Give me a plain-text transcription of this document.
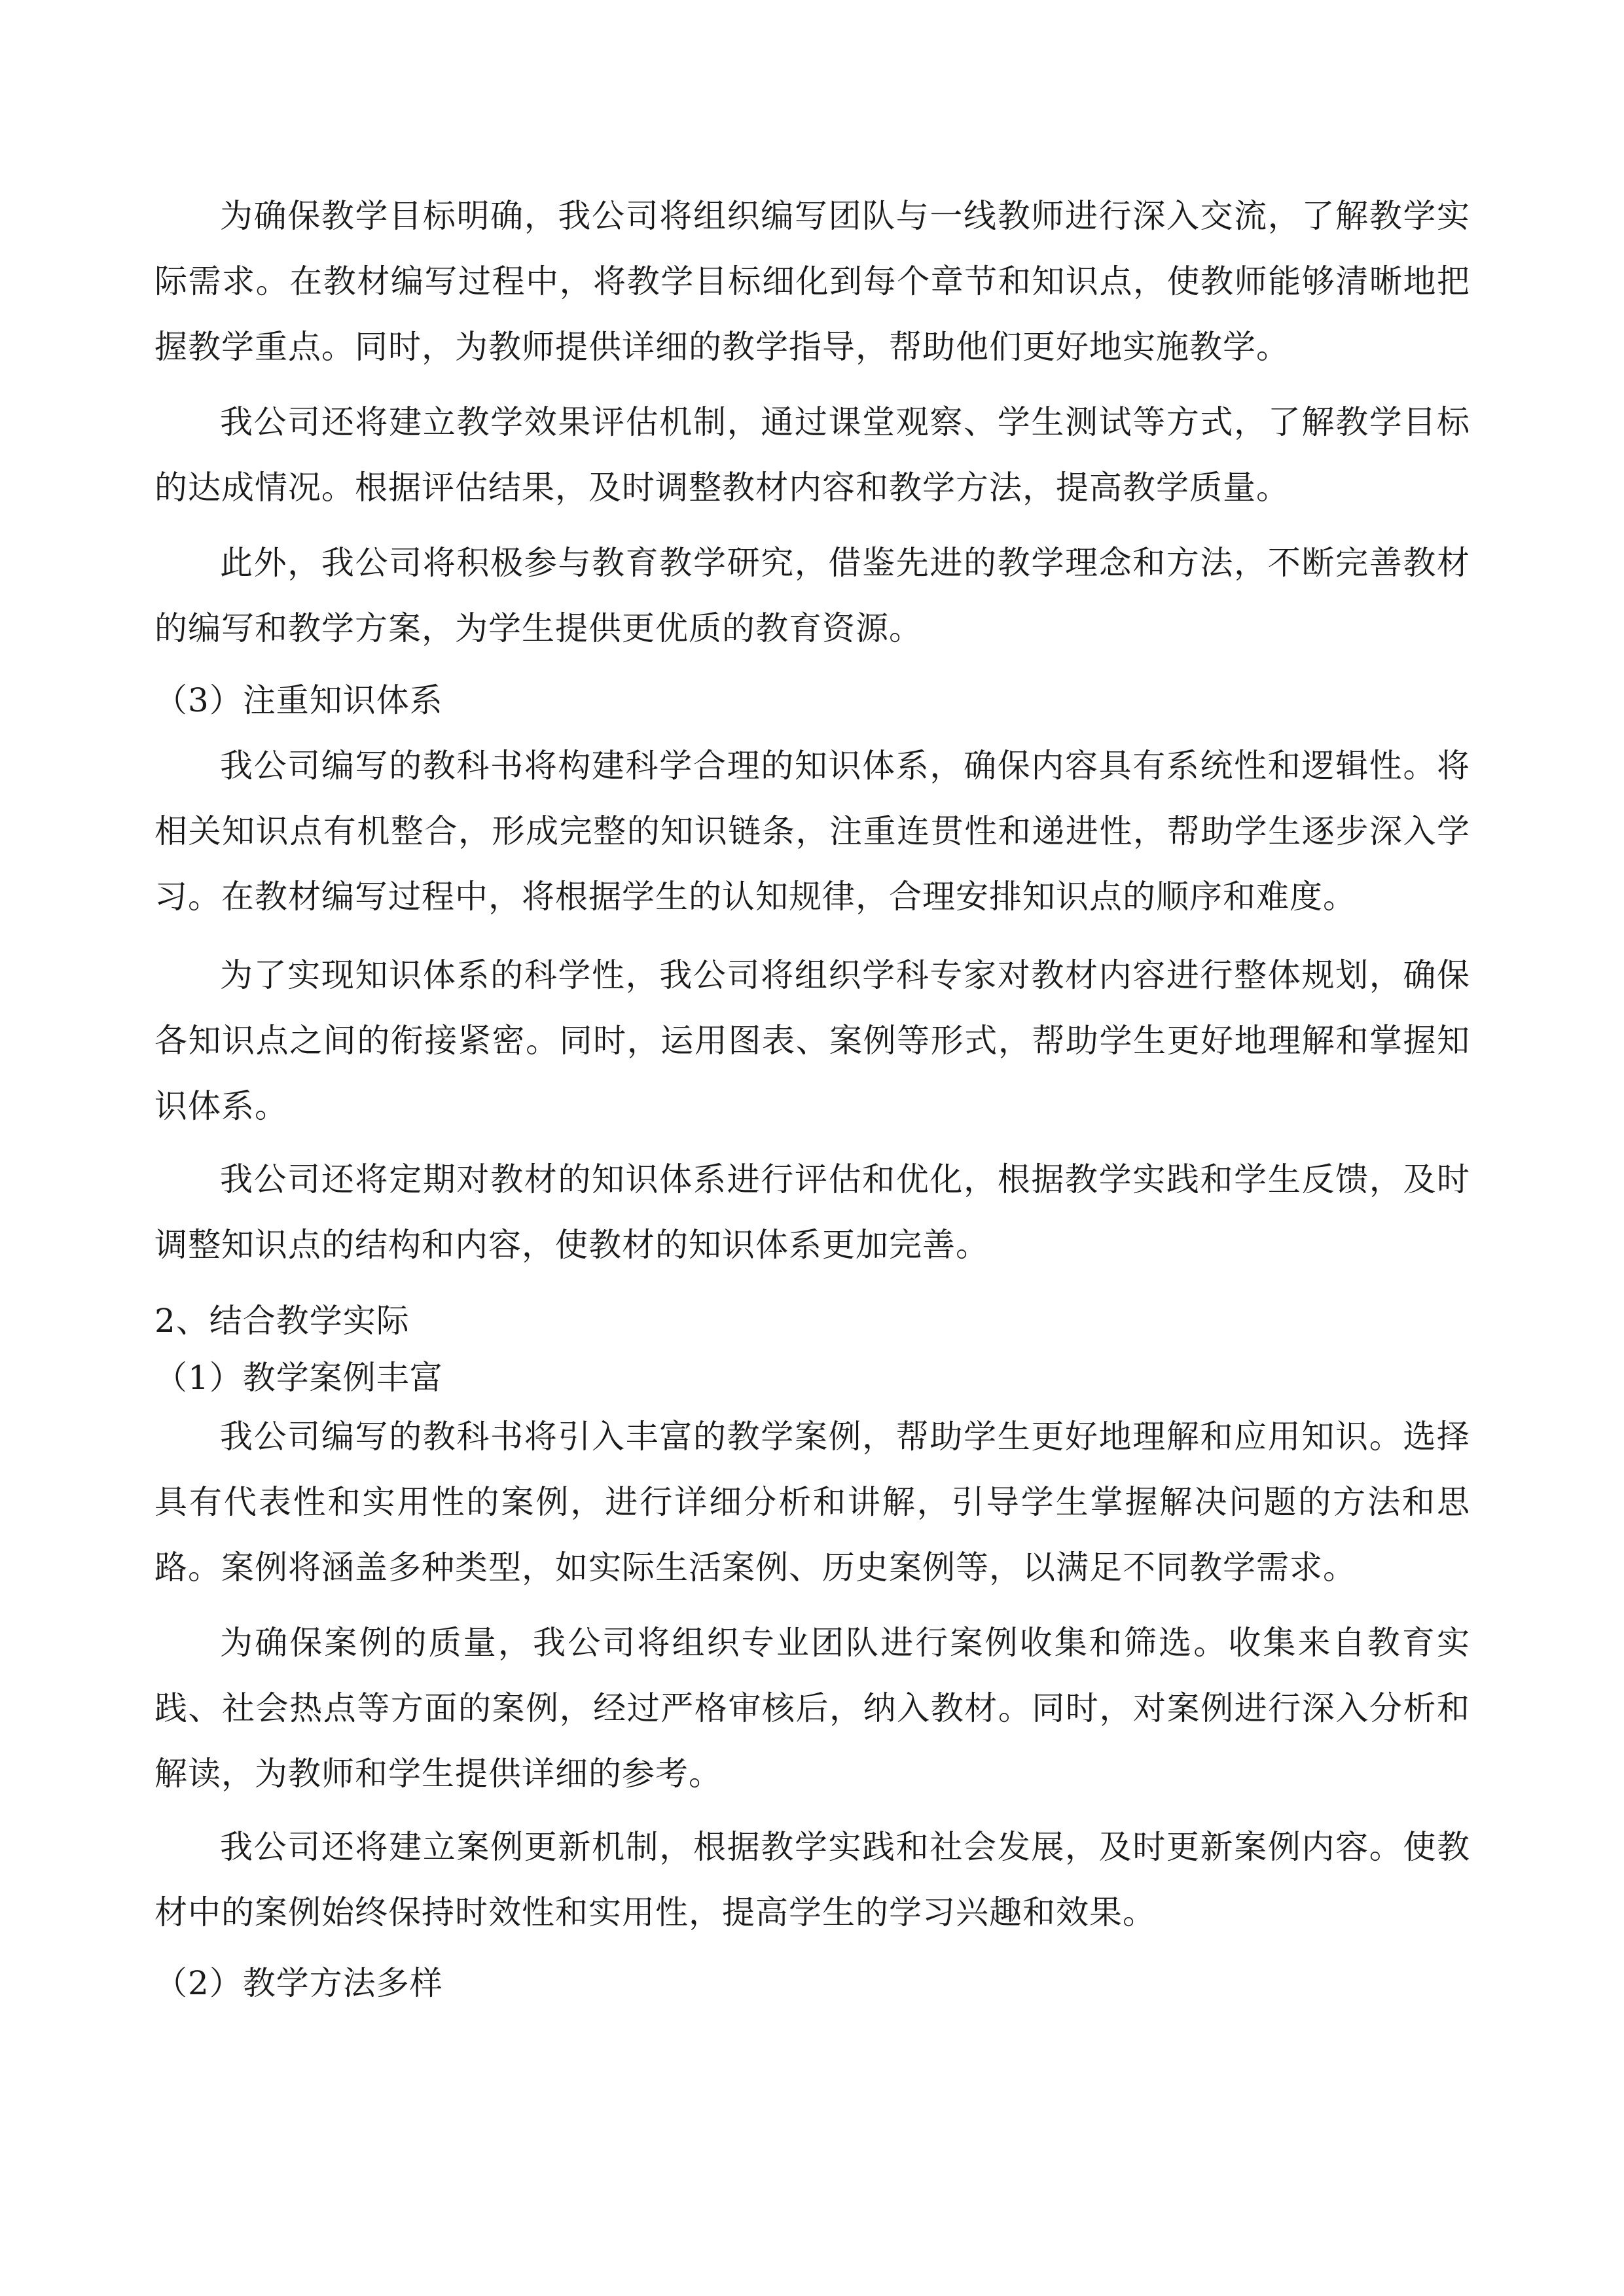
为确保教学目标明确，我公司将组织编写团队与一线教师进行深入交流，了解教学实际需求。在教材编写过程中，将教学目标细化到每个章节和知识点，使教师能够清晰地把握教学重点。同时，为教师提供详细的教学指导，帮助他们更好地实施教学。

我公司还将建立教学效果评估机制，通过课堂观察、学生测试等方式，了解教学目标的达成情况。根据评估结果，及时调整教材内容和教学方法，提高教学质量。

此外，我公司将积极参与教育教学研究，借鉴先进的教学理念和方法，不断完善教材的编写和教学方案，为学生提供更优质的教育资源。

（3）注重知识体系

我公司编写的教科书将构建科学合理的知识体系，确保内容具有系统性和逻辑性。将相关知识点有机整合，形成完整的知识链条，注重连贯性和递进性，帮助学生逐步深入学习。在教材编写过程中，将根据学生的认知规律，合理安排知识点的顺序和难度。

为了实现知识体系的科学性，我公司将组织学科专家对教材内容进行整体规划，确保各知识点之间的衔接紧密。同时，运用图表、案例等形式，帮助学生更好地理解和掌握知识体系。

我公司还将定期对教材的知识体系进行评估和优化，根据教学实践和学生反馈，及时调整知识点的结构和内容，使教材的知识体系更加完善。

2、结合教学实际

（1）教学案例丰富

我公司编写的教科书将引入丰富的教学案例，帮助学生更好地理解和应用知识。选择具有代表性和实用性的案例，进行详细分析和讲解，引导学生掌握解决问题的方法和思路。案例将涵盖多种类型，如实际生活案例、历史案例等，以满足不同教学需求。

为确保案例的质量，我公司将组织专业团队进行案例收集和筛选。收集来自教育实践、社会热点等方面的案例，经过严格审核后，纳入教材。同时，对案例进行深入分析和解读，为教师和学生提供详细的参考。

我公司还将建立案例更新机制，根据教学实践和社会发展，及时更新案例内容。使教材中的案例始终保持时效性和实用性，提高学生的学习兴趣和效果。

（2）教学方法多样
